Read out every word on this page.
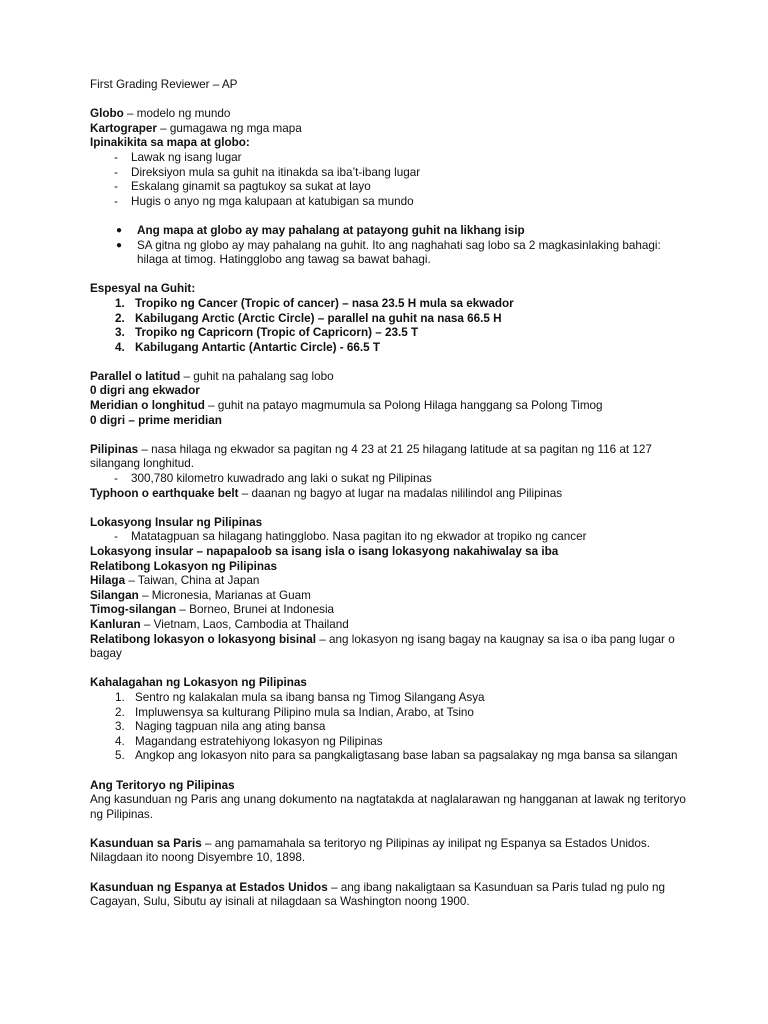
First Grading Reviewer – AP
Globo – modelo ng mundo
Kartograper – gumagawa ng mga mapa
Ipinakikita sa mapa at globo:
- Lawak ng isang lugar
- Direksiyon mula sa guhit na itinakda sa iba’t-ibang lugar
- Eskalang ginamit sa pagtukoy sa sukat at layo
- Hugis o anyo ng mga kalupaan at katubigan sa mundo
● Ang mapa at globo ay may pahalang at patayong guhit na likhang isip
● SA gitna ng globo ay may pahalang na guhit. Ito ang naghahati sag lobo sa 2 magkasinlaking bahagi: hilaga at timog. Hatingglobo ang tawag sa bawat bahagi.
Espesyal na Guhit:
1. Tropiko ng Cancer (Tropic of cancer) – nasa 23.5 H mula sa ekwador
2. Kabilugang Arctic (Arctic Circle) – parallel na guhit na nasa 66.5 H
3. Tropiko ng Capricorn (Tropic of Capricorn) – 23.5 T
4. Kabilugang Antartic (Antartic Circle) - 66.5 T
Parallel o latitud – guhit na pahalang sag lobo
0 digri ang ekwador
Meridian o longhitud – guhit na patayo magmumula sa Polong Hilaga hanggang sa Polong Timog
0 digri – prime meridian
Pilipinas – nasa hilaga ng ekwador sa pagitan ng 4 23 at 21 25 hilagang latitude at sa pagitan ng 116 at 127 silangang longhitud.
- 300,780 kilometro kuwadrado ang laki o sukat ng Pilipinas
Typhoon o earthquake belt – daanan ng bagyo at lugar na madalas nililindol ang Pilipinas
Lokasyong Insular ng Pilipinas
- Matatagpuan sa hilagang hatingglobo. Nasa pagitan ito ng ekwador at tropiko ng cancer
Lokasyong insular – napapaloob sa isang isla o isang lokasyong nakahiwalay sa iba
Relatibong Lokasyon ng Pilipinas
Hilaga – Taiwan, China at Japan
Silangan – Micronesia, Marianas at Guam
Timog-silangan – Borneo, Brunei at Indonesia
Kanluran – Vietnam, Laos, Cambodia at Thailand
Relatibong lokasyon o lokasyong bisinal – ang lokasyon ng isang bagay na kaugnay sa isa o iba pang lugar o bagay
Kahalagahan ng Lokasyon ng Pilipinas
1. Sentro ng kalakalan mula sa ibang bansa ng Timog Silangang Asya
2. Impluwensya sa kulturang Pilipino mula sa Indian, Arabo, at Tsino
3. Naging tagpuan nila ang ating bansa
4. Magandang estratehiyong lokasyon ng Pilipinas
5. Angkop ang lokasyon nito para sa pangkaligtasang base laban sa pagsalakay ng mga bansa sa silangan
Ang Teritoryo ng Pilipinas
Ang kasunduan ng Paris ang unang dokumento na nagtatakda at naglalarawan ng hangganan at lawak ng teritoryo ng Pilipinas.
Kasunduan sa Paris – ang pamamahala sa teritoryo ng Pilipinas ay inilipat ng Espanya sa Estados Unidos. Nilagdaan ito noong Disyembre 10, 1898.
Kasunduan ng Espanya at Estados Unidos – ang ibang nakaligtaan sa Kasunduan sa Paris tulad ng pulo ng Cagayan, Sulu, Sibutu ay isinali at nilagdaan sa Washington noong 1900.
